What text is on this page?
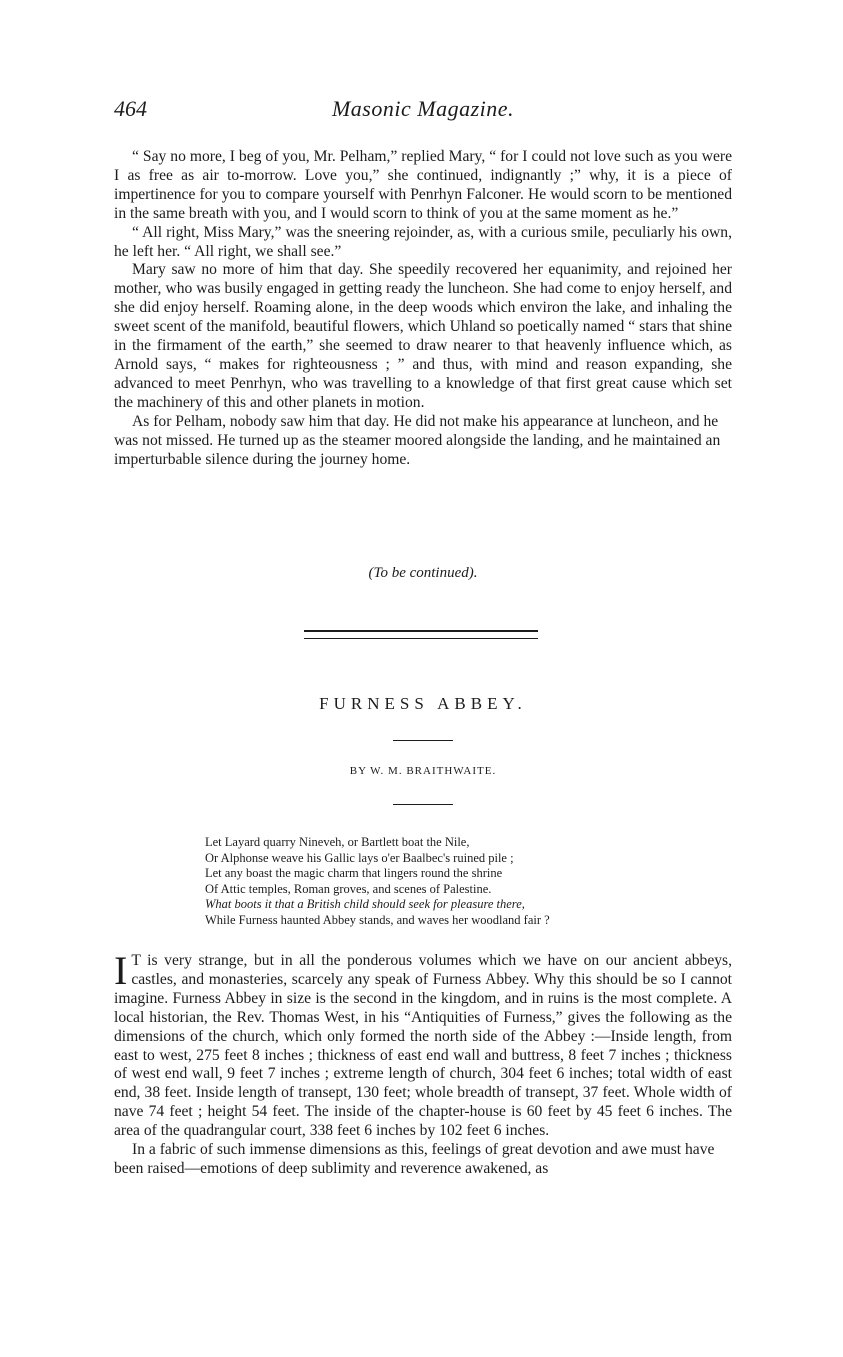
464	Masonic Magazine.

“ Say no more, I beg of you, Mr. Pelham,” replied Mary, “ for I could not love such as you were I as free as air to-morrow. Love you,” she continued, indignantly ;” why, it is a piece of impertinence for you to compare yourself with Penrhyn Falconer. He would scorn to be mentioned in the same breath with you, and I would scorn to think of you at the same moment as he.”

“ All right, Miss Mary,” was the sneering rejoinder, as, with a curious smile, peculiarly his own, he left her. “ All right, we shall see.”

Mary saw no more of him that day. She speedily recovered her equanimity, and rejoined her mother, who was busily engaged in getting ready the luncheon. She had come to enjoy herself, and she did enjoy herself. Roaming alone, in the deep woods which environ the lake, and inhaling the sweet scent of the manifold, beautiful flowers, which Uhland so poetically named “ stars that shine in the firmament of the earth,” she seemed to draw nearer to that heavenly influence which, as Arnold says, “ makes for righteousness ; ” and thus, with mind and reason expanding, she advanced to meet Penrhyn, who was travelling to a knowledge of that first great cause which set the machinery of this and other planets in motion.

As for Pelham, nobody saw him that day. He did not make his appearance at luncheon, and he was not missed. He turned up as the steamer moored alongside the landing, and he maintained an imperturbable silence during the journey home.

(To be continued).
FURNESS ABBEY.
BY W. M. BRAITHWAITE.
Let Layard quarry Nineveh, or Bartlett boat the Nile,
Or Alphonse weave his Gallic lays o'er Baalbec's ruined pile ;
Let any boast the magic charm that lingers round the shrine
Of Attic temples, Roman groves, and scenes of Palestine.
What boots it that a British child should seek for pleasure there,
While Furness haunted Abbey stands, and waves her woodland fair ?

I T is very strange, but in all the ponderous volumes which we have on our ancient abbeys, castles, and monasteries, scarcely any speak of Furness Abbey. Why this should be so I cannot imagine. Furness Abbey in size is the second in the kingdom, and in ruins is the most complete. A local historian, the Rev. Thomas West, in his “Antiquities of Furness,” gives the following as the dimensions of the church, which only formed the north side of the Abbey :—Inside length, from east to west, 275 feet 8 inches ; thickness of east end wall and buttress, 8 feet 7 inches ; thickness of west end wall, 9 feet 7 inches ; extreme length of church, 304 feet 6 inches; total width of east end, 38 feet. Inside length of transept, 130 feet; whole breadth of transept, 37 feet. Whole width of nave 74 feet ; height 54 feet. The inside of the chapter-house is 60 feet by 45 feet 6 inches. The area of the quadrangular court, 338 feet 6 inches by 102 feet 6 inches.

In a fabric of such immense dimensions as this, feelings of great devotion and awe must have been raised—emotions of deep sublimity and reverence awakened, as
